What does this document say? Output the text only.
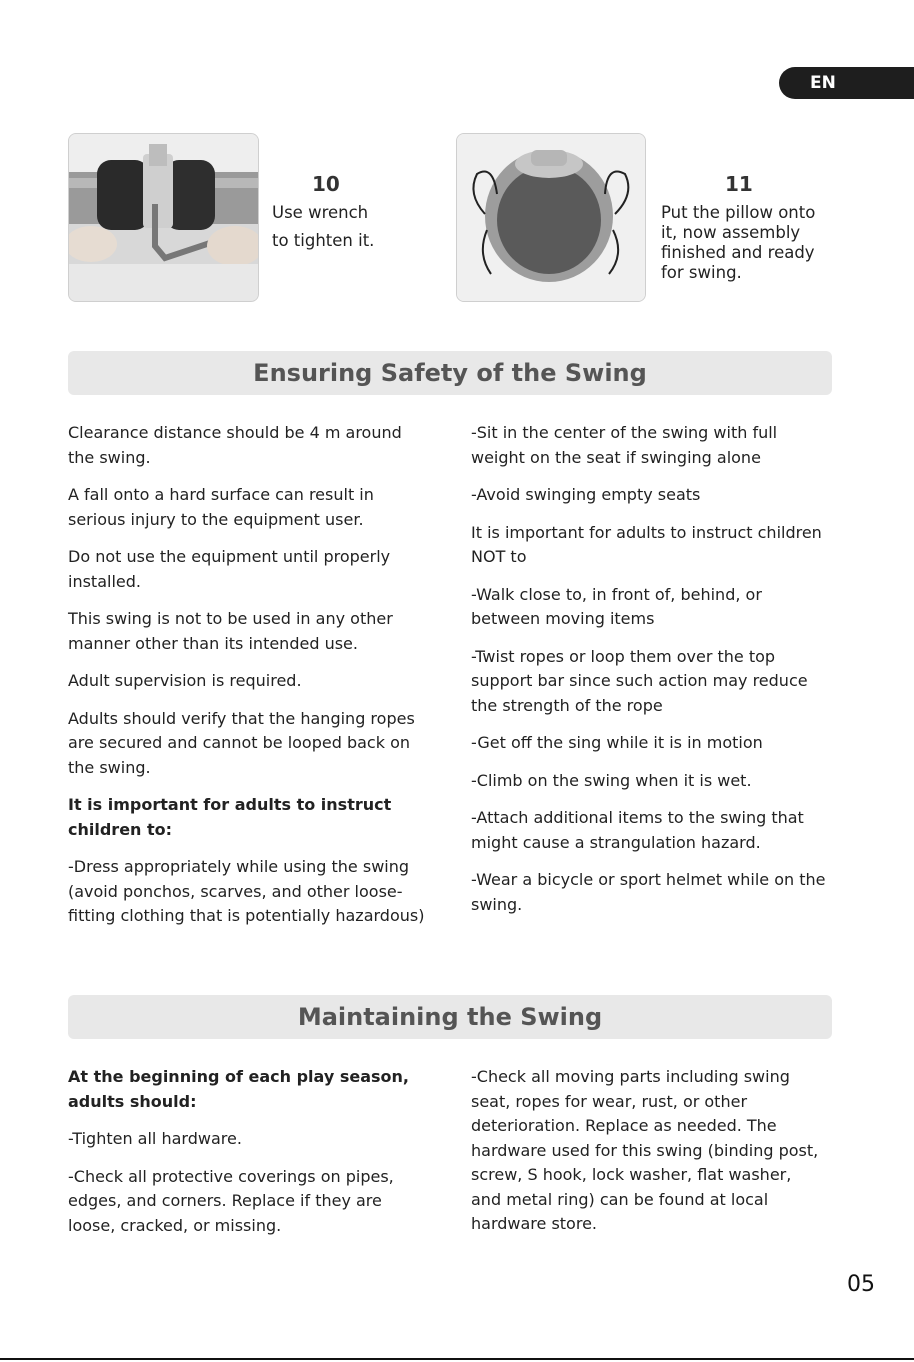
EN
10
Use wrench
to tighten it.
11
Put the pillow onto
it, now assembly
finished and ready
for swing.
Ensuring Safety of the Swing

Clearance distance should be 4 m around the swing.

A fall onto a hard surface can result in serious injury to the equipment user.

Do not use the equipment until properly installed.

This swing is not to be used in any other manner other than its intended use.

Adult supervision is required.

Adults should verify that the hanging ropes are secured and cannot be looped back on the swing.

It is important for adults to instruct children to:

-Dress appropriately while using the swing (avoid ponchos, scarves, and other loose-fitting clothing that is potentially hazardous)

-Sit in the center of the swing with full weight on the seat if swinging alone

-Avoid swinging empty seats

It is important for adults to instruct children NOT to

-Walk close to, in front of, behind, or between moving items

-Twist ropes or loop them over the top support bar since such action may reduce the strength of the rope

-Get off the sing while it is in motion

-Climb on the swing when it is wet.

-Attach additional items to the swing that might cause a strangulation hazard.

-Wear a bicycle or sport helmet while on the swing.

Maintaining the Swing

At the beginning of each play season, adults should:

-Tighten all hardware.

-Check all protective coverings on pipes, edges, and corners. Replace if they are loose, cracked, or missing.

-Check all moving parts including swing seat, ropes for wear, rust, or other deterioration. Replace as needed. The hardware used for this swing (binding post, screw, S hook, lock washer, flat washer, and metal ring) can be found at local hardware store.

05
